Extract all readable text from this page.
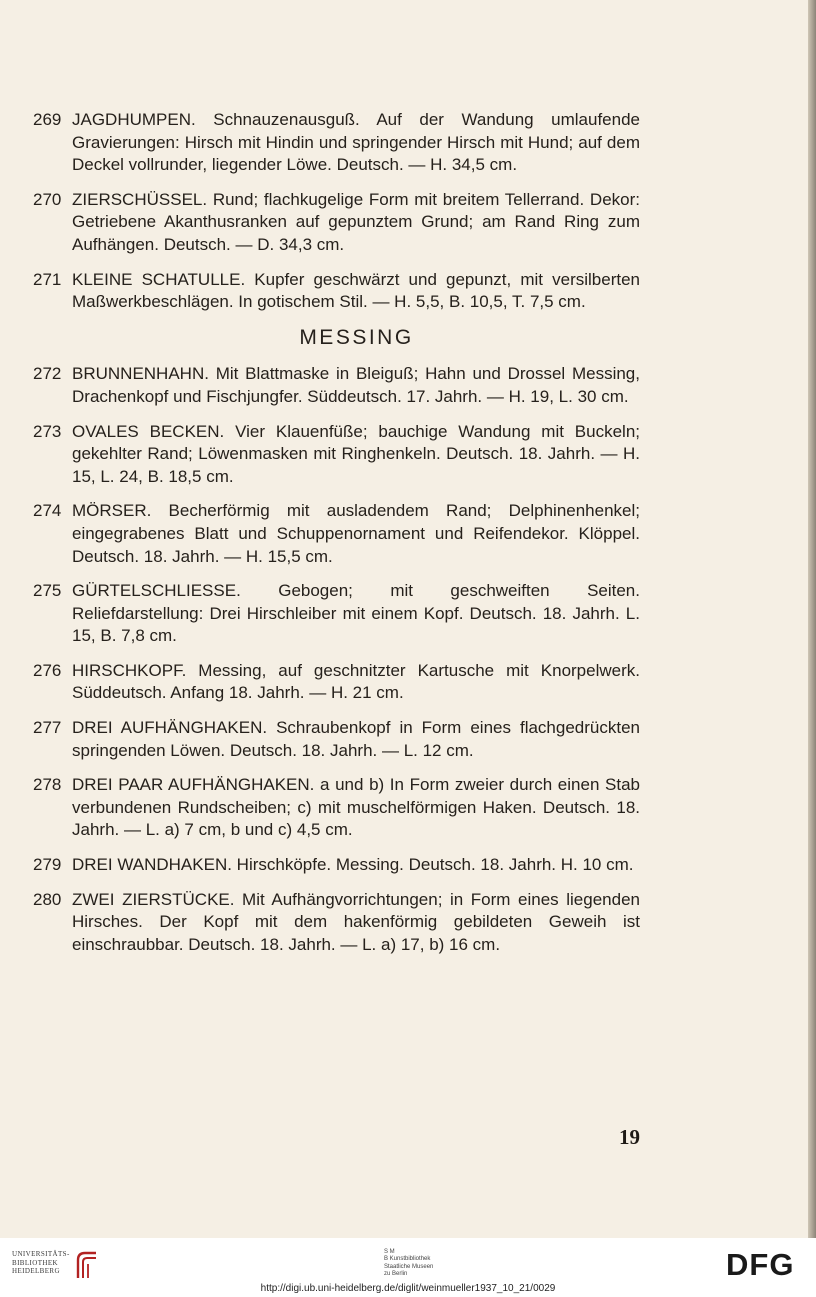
269 JAGDHUMPEN. Schnauzenausguß. Auf der Wandung umlaufende Gravierungen: Hirsch mit Hindin und springender Hirsch mit Hund; auf dem Deckel vollrunder, liegender Löwe. Deutsch. — H. 34,5 cm.
270 ZIERSCHÜSSEL. Rund; flachkugelige Form mit breitem Tellerrand. Dekor: Getriebene Akanthusranken auf gepunztem Grund; am Rand Ring zum Aufhängen. Deutsch. — D. 34,3 cm.
271 KLEINE SCHATULLE. Kupfer geschwärzt und gepunzt, mit versilberten Maßwerkbeschlägen. In gotischem Stil. — H. 5,5, B. 10,5, T. 7,5 cm.
MESSING
272 BRUNNENHAHN. Mit Blattmaske in Bleiguß; Hahn und Drossel Messing, Drachenkopf und Fischjungfer. Süddeutsch. 17. Jahrh. — H. 19, L. 30 cm.
273 OVALES BECKEN. Vier Klauenfüße; bauchige Wandung mit Buckeln; gekehlter Rand; Löwenmasken mit Ringhenkeln. Deutsch. 18. Jahrh. — H. 15, L. 24, B. 18,5 cm.
274 MÖRSER. Becherförmig mit ausladendem Rand; Delphinenhenkel; eingegrabenes Blatt und Schuppenornament und Reifendekor. Klöppel. Deutsch. 18. Jahrh. — H. 15,5 cm.
275 GÜRTELSCHLIESSE. Gebogen; mit geschweiften Seiten. Reliefdarstellung: Drei Hirschleiber mit einem Kopf. Deutsch. 18. Jahrh. L. 15, B. 7,8 cm.
276 HIRSCHKOPF. Messing, auf geschnitzter Kartusche mit Knorpelwerk. Süddeutsch. Anfang 18. Jahrh. — H. 21 cm.
277 DREI AUFHÄNGHAKEN. Schraubenkopf in Form eines flachgedrückten springenden Löwen. Deutsch. 18. Jahrh. — L. 12 cm.
278 DREI PAAR AUFHÄNGHAKEN. a und b) In Form zweier durch einen Stab verbundenen Rundscheiben; c) mit muschelförmigen Haken. Deutsch. 18. Jahrh. — L. a) 7 cm, b und c) 4,5 cm.
279 DREI WANDHAKEN. Hirschköpfe. Messing. Deutsch. 18. Jahrh. H. 10 cm.
280 ZWEI ZIERSTÜCKE. Mit Aufhängvorrichtungen; in Form eines liegenden Hirsches. Der Kopf mit dem hakenförmig gebildeten Geweih ist einschraubbar. Deutsch. 18. Jahrh. — L. a) 17, b) 16 cm.
19
UNIVERSITÄTS-
BIBLIOTHEK
HEIDELBERG
S M
B Kunstbibliothek
Staatliche Museen
zu Berlin	DFG
http://digi.ub.uni-heidelberg.de/diglit/weinmueller1937_10_21/0029
